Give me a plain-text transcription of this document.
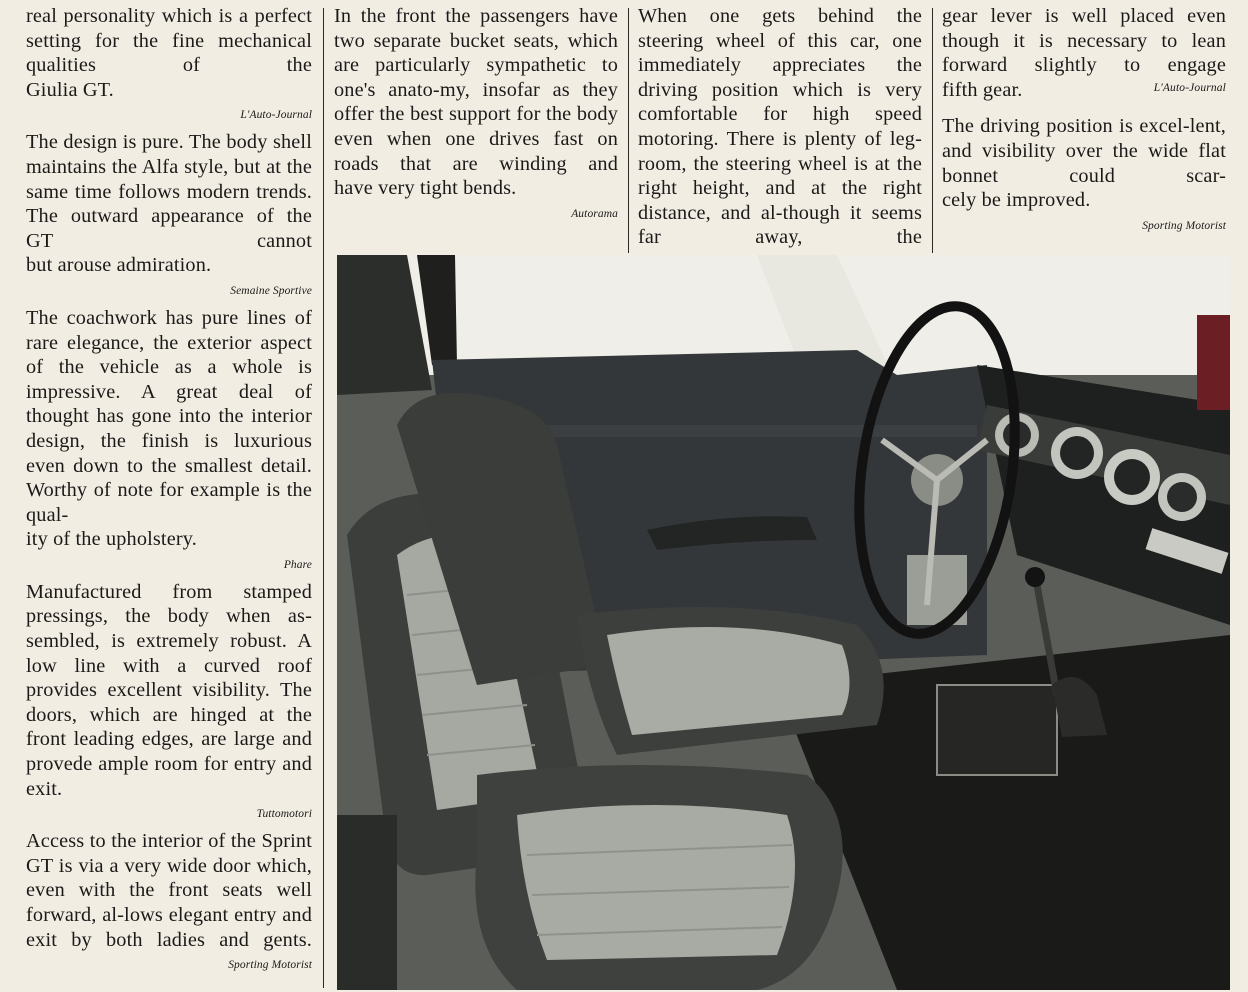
real personality which is a perfect setting for the fine mechanical qualities of the
Giulia GT.

L'Auto-Journal

The design is pure. The body shell maintains the Alfa style, but at the same time follows modern trends. The outward appearance of the GT cannot
but arouse admiration.

Semaine Sportive

The coachwork has pure lines of rare elegance, the exterior aspect of the vehicle as a whole is impressive. A great deal of thought has gone into the interior design, the finish is luxurious even down to the smallest detail. Worthy of note for example is the qual-
ity of the upholstery.

Phare

Manufactured from stamped pressings, the body when as-sembled, is extremely robust. A low line with a curved roof provides excellent visibility. The doors, which are hinged at the front leading edges, are large and provede ample room for entry and exit.

Tuttomotori

Access to the interior of the Sprint GT is via a very wide door which, even with the front seats well forward, al-lows elegant entry and exit by both ladies and gents.

Sporting Motorist

In the front the passengers have two separate bucket seats, which are particularly sympathetic to one's anato-my, insofar as they offer the best support for the body even when one drives fast on roads that are winding and
have very tight bends.

Autorama

When one gets behind the steering wheel of this car, one immediately appreciates the driving position which is very comfortable for high speed motoring. There is plenty of leg-room, the steering wheel is at the right height, and at the right distance, and al-though it seems far away, the

gear lever is well placed even though it is necessary to lean forward slightly to engage
fifth gear.	L'Auto-Journal

The driving position is excel-lent, and visibility over the wide flat bonnet could scar-
cely be improved.

Sporting Motorist
